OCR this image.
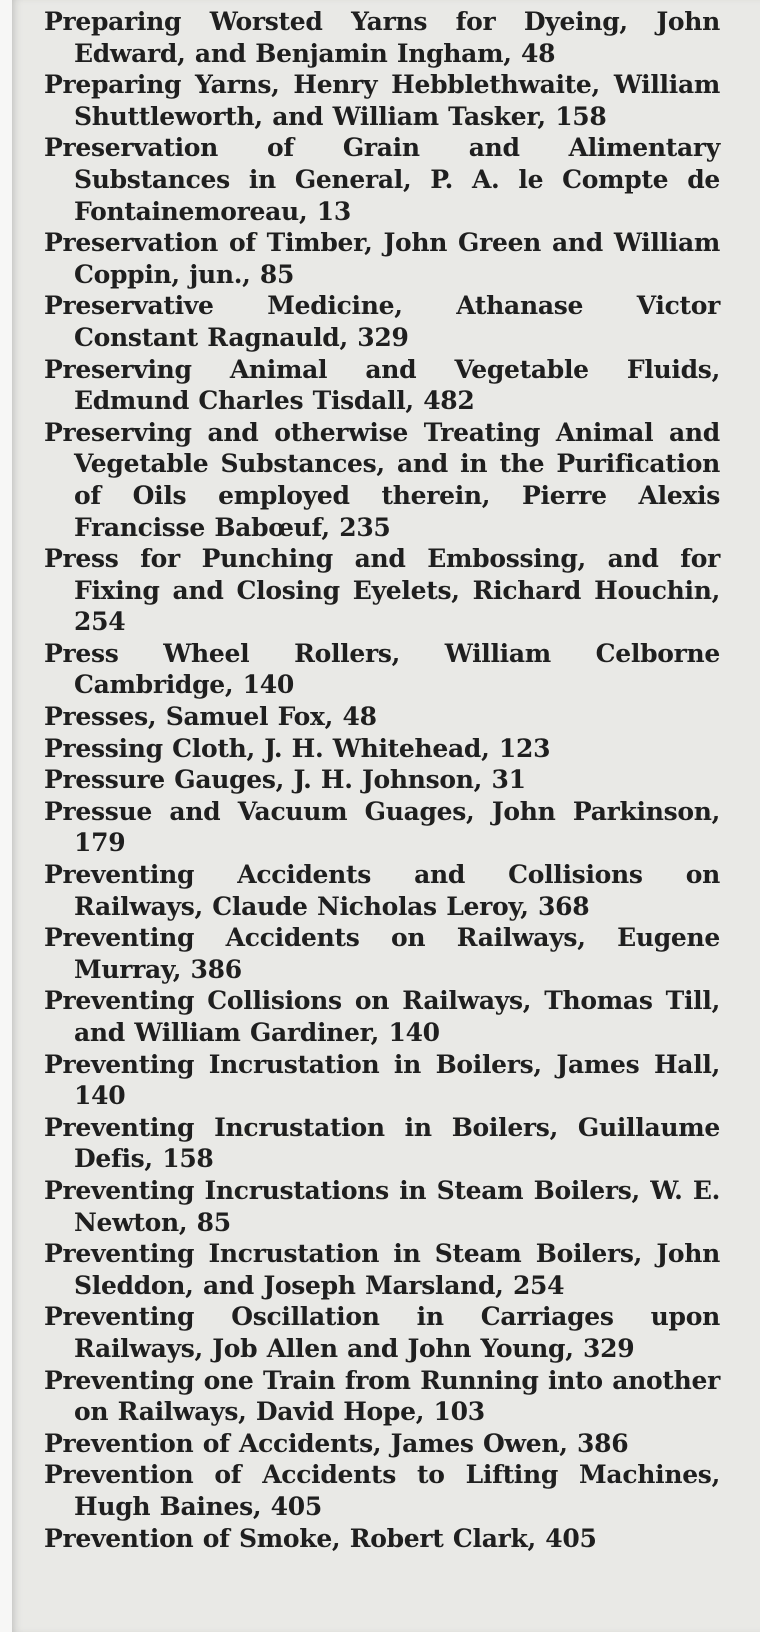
Preparing Worsted Yarns for Dyeing, John Edward, and Benjamin Ingham, 48

Preparing Yarns, Henry Hebblethwaite, William Shuttleworth, and William Tasker, 158

Preservation of Grain and Alimentary Substances in General, P. A. le Compte de Fontainemoreau, 13

Preservation of Timber, John Green and William Coppin, jun., 85

Preservative Medicine, Athanase Victor Constant Ragnauld, 329

Preserving Animal and Vegetable Fluids, Edmund Charles Tisdall, 482

Preserving and otherwise Treating Animal and Vegetable Substances, and in the Purification of Oils employed therein, Pierre Alexis Francisse Babœuf, 235

Press for Punching and Embossing, and for Fixing and Closing Eyelets, Richard Houchin, 254

Press Wheel Rollers, William Celborne Cambridge, 140

Presses, Samuel Fox, 48

Pressing Cloth, J. H. Whitehead, 123

Pressure Gauges, J. H. Johnson, 31

Pressue and Vacuum Guages, John Parkinson, 179

Preventing Accidents and Collisions on Railways, Claude Nicholas Leroy, 368

Preventing Accidents on Railways, Eugene Murray, 386

Preventing Collisions on Railways, Thomas Till, and William Gardiner, 140

Preventing Incrustation in Boilers, James Hall, 140

Preventing Incrustation in Boilers, Guillaume Defis, 158

Preventing Incrustations in Steam Boilers, W. E. Newton, 85

Preventing Incrustation in Steam Boilers, John Sleddon, and Joseph Marsland, 254

Preventing Oscillation in Carriages upon Railways, Job Allen and John Young, 329

Preventing one Train from Running into another on Railways, David Hope, 103

Prevention of Accidents, James Owen, 386

Prevention of Accidents to Lifting Machines, Hugh Baines, 405

Prevention of Smoke, Robert Clark, 405
